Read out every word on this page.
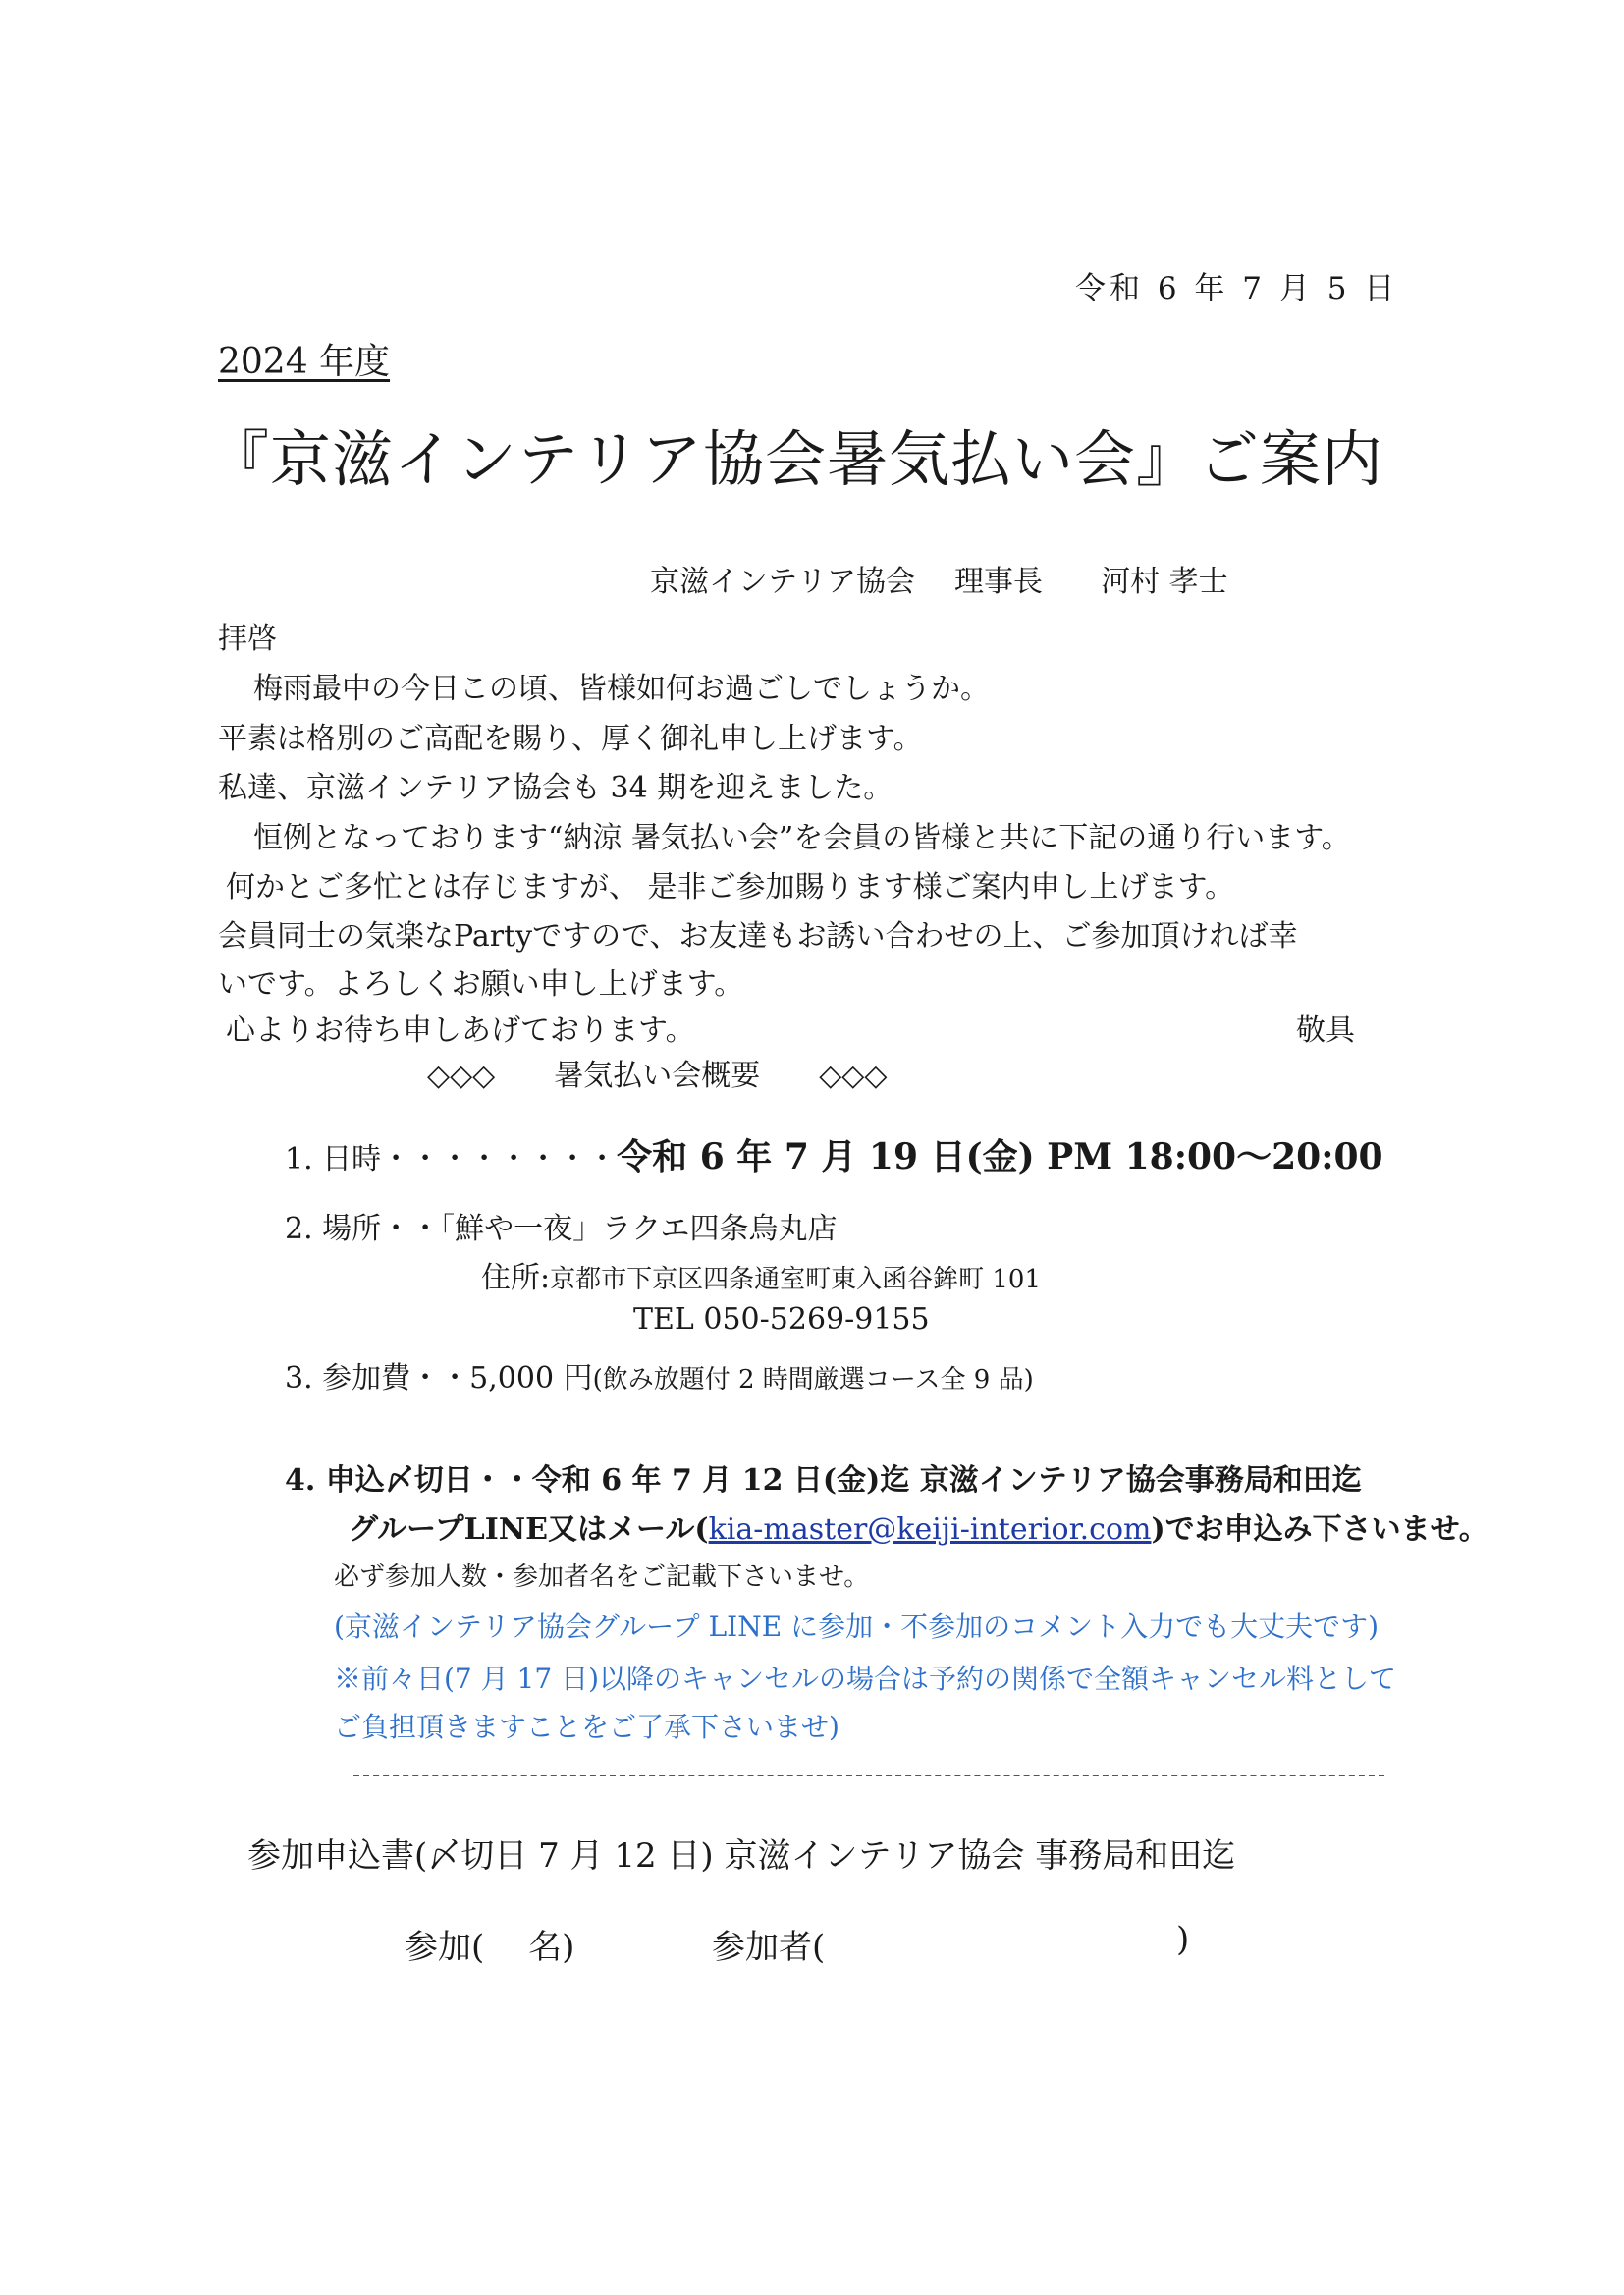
令和 6 年 7 月 5 日
2024 年度
『京滋インテリア協会暑気払い会』ご案内
京滋インテリア協会 理事長 河村 孝士
拝啓
梅雨最中の今日この頃、皆様如何お過ごしでしょうか。
平素は格別のご高配を賜り、厚く御礼申し上げます。
私達、京滋インテリア協会も 34 期を迎えました。
恒例となっております“納涼 暑気払い会”を会員の皆様と共に下記の通り行います。
何かとご多忙とは存じますが、 是非ご参加賜ります様ご案内申し上げます。
会員同士の気楽なPartyですので、お友達もお誘い合わせの上、ご参加頂ければ幸
いです。よろしくお願い申し上げます。
心よりお待ち申しあげております。	敬具
◇◇◇　　暑気払い会概要　　◇◇◇
1. 日時・・・・・・・・令和 6 年 7 月 19 日(金) PM 18:00〜20:00
2. 場所・・「鮮や一夜」ラクエ四条烏丸店
住所:京都市下京区四条通室町東入函谷鉾町 101
TEL 050-5269-9155
3. 参加費・・5,000 円(飲み放題付 2 時間厳選コース全 9 品)
4. 申込〆切日・・令和 6 年 7 月 12 日(金)迄 京滋インテリア協会事務局和田迄
グループLINE又はメール(kia-master@keiji-interior.com)でお申込み下さいませ。
必ず参加人数・参加者名をご記載下さいませ。
(京滋インテリア協会グループ LINE に参加・不参加のコメント入力でも大丈夫です)
※前々日(7 月 17 日)以降のキャンセルの場合は予約の関係で全額キャンセル料として
ご負担頂きますことをご了承下さいませ)
参加申込書(〆切日 7 月 12 日) 京滋インテリア協会 事務局和田迄
参加(　 名)	参加者(	)
